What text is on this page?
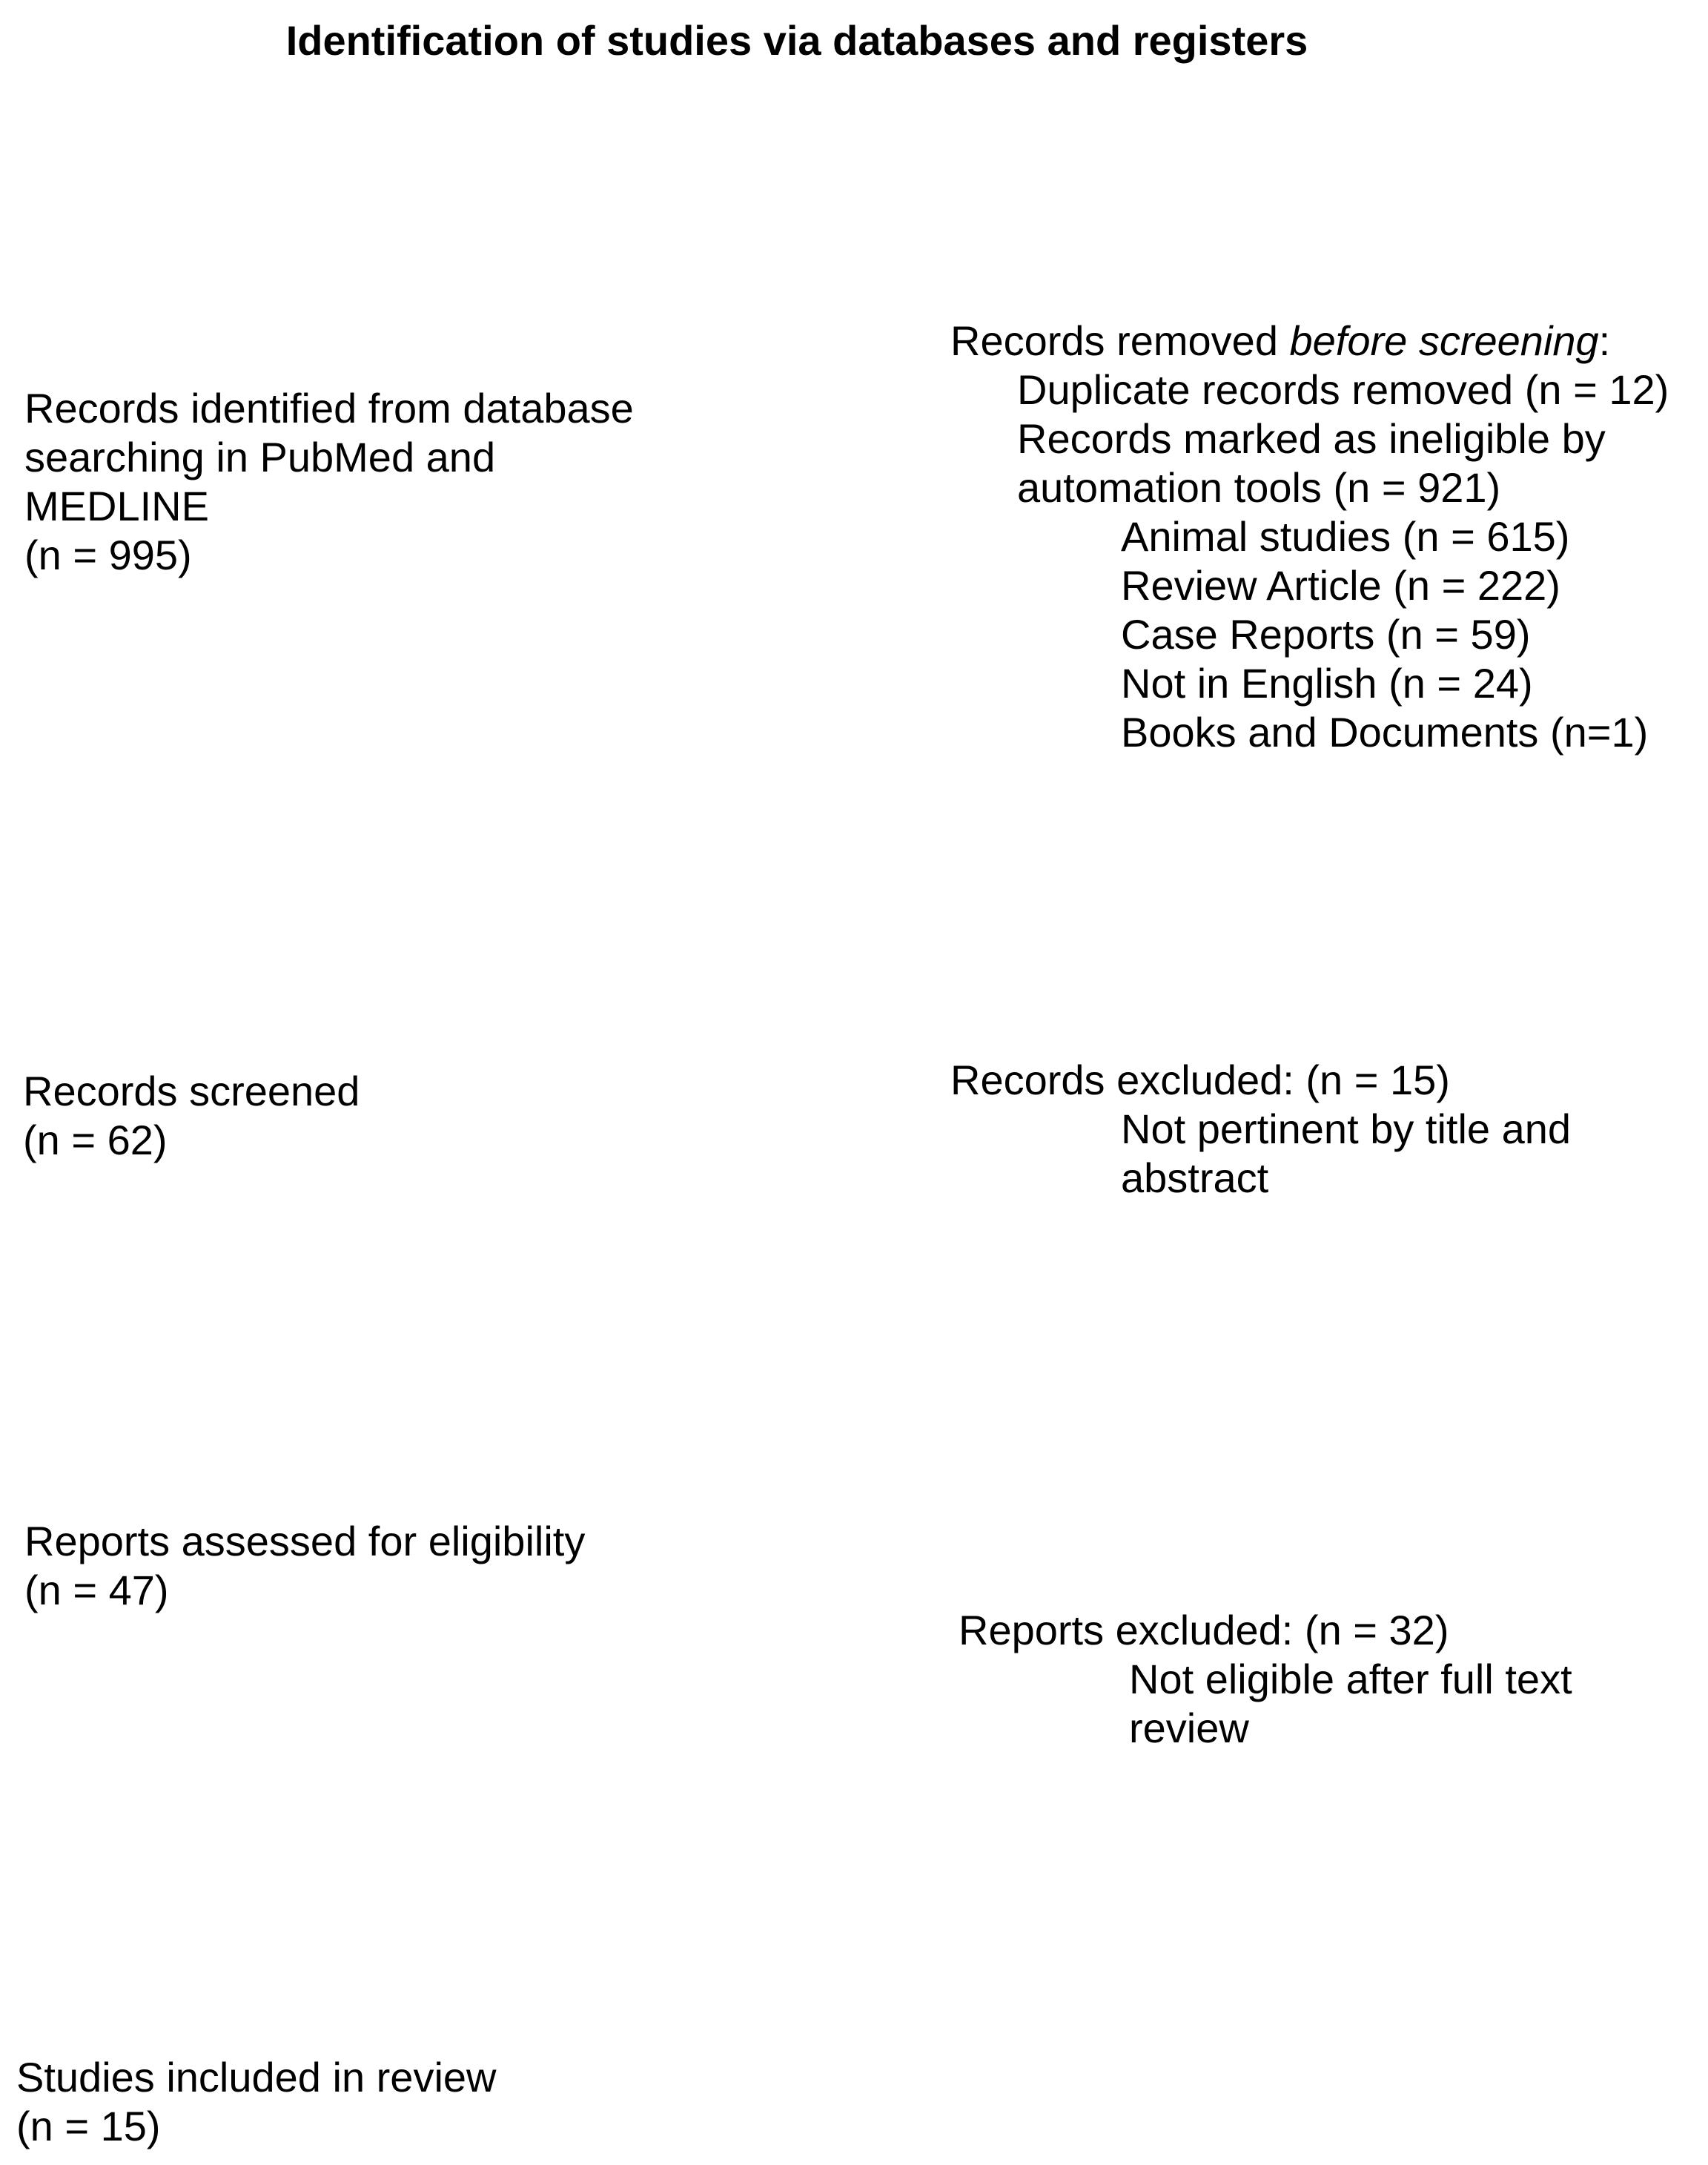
Identification of studies via databases and registers
Records identified from database
searching in PubMed and
MEDLINE
(n = 995)
Records removed before screening:
Duplicate records removed (n = 12)
Records marked as ineligible by
automation tools (n = 921)
Animal studies (n = 615)
Review Article (n = 222)
Case Reports (n = 59)
Not in English (n = 24)
Books and Documents (n=1)
Records screened
(n = 62)
Records excluded: (n = 15)
Not pertinent by title and
abstract
Reports assessed for eligibility
(n = 47)
Reports excluded: (n = 32)
Not eligible after full text
review
Studies included in review
(n = 15)
